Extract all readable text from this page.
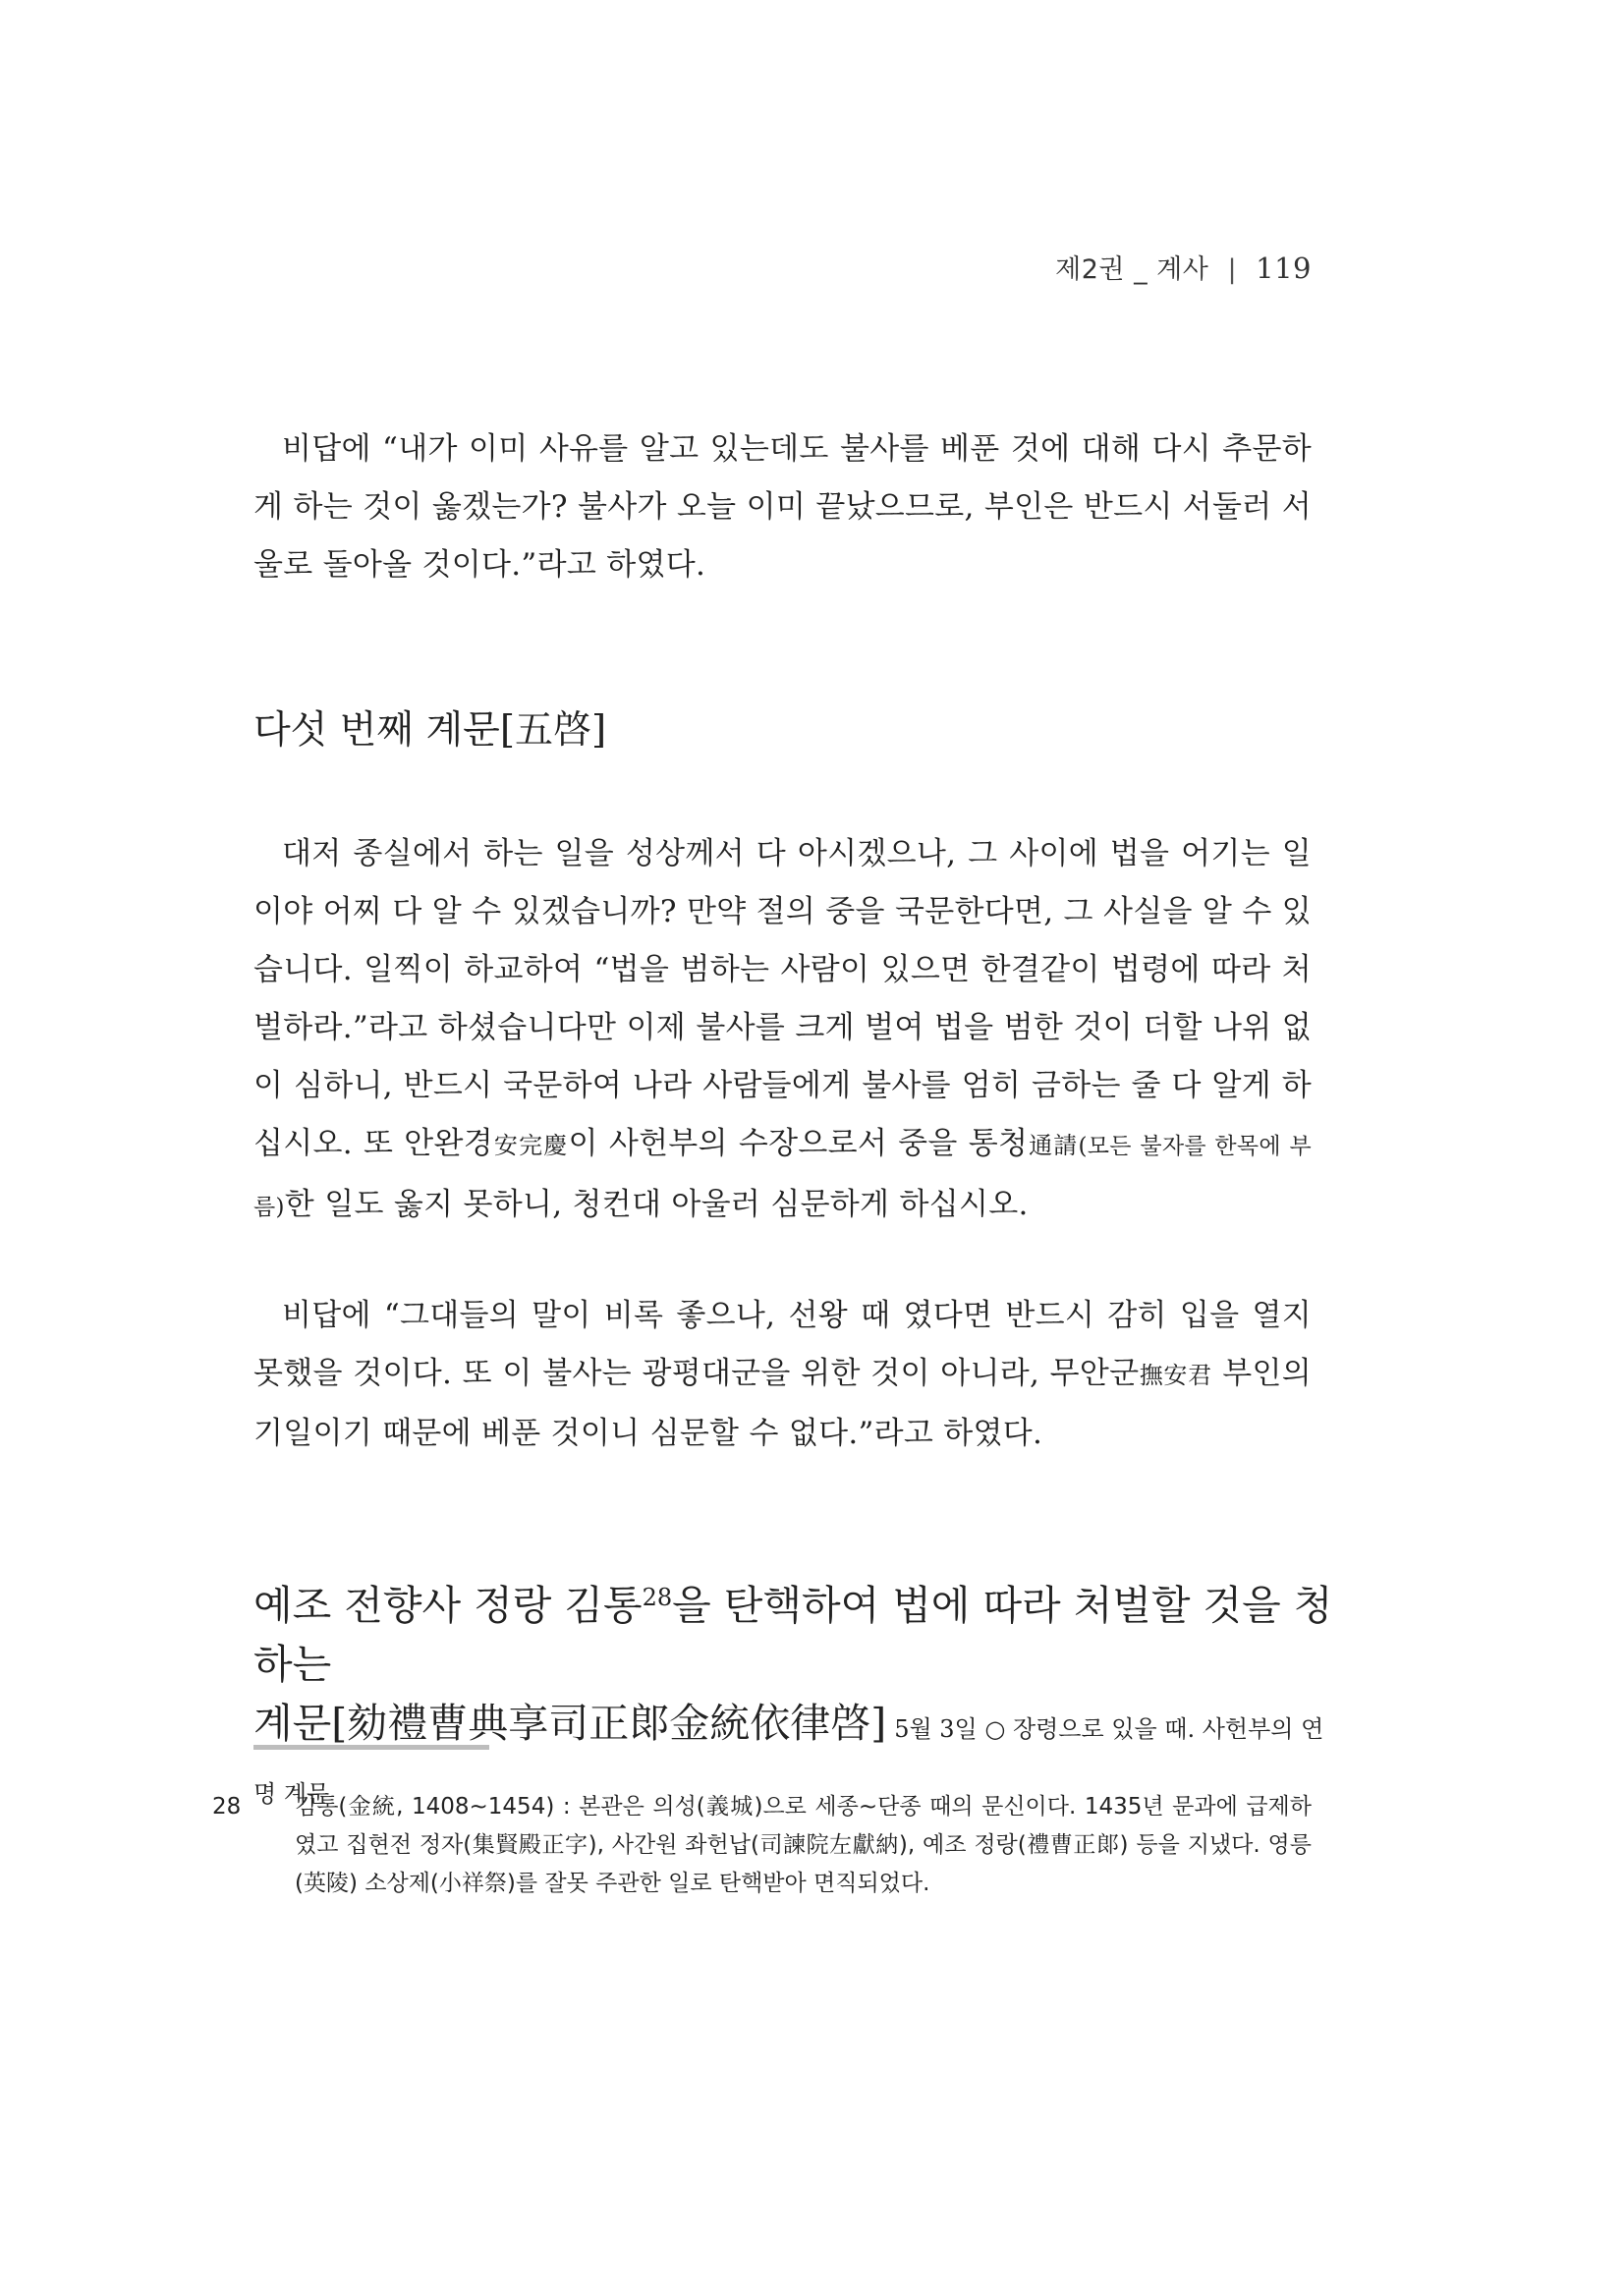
제2권 _ 계사 | 119

비답에 “내가 이미 사유를 알고 있는데도 불사를 베푼 것에 대해 다시 추문하게 하는 것이 옳겠는가? 불사가 오늘 이미 끝났으므로, 부인은 반드시 서둘러 서울로 돌아올 것이다.”라고 하였다.

다섯 번째 계문[五啓]

대저 종실에서 하는 일을 성상께서 다 아시겠으나, 그 사이에 법을 어기는 일이야 어찌 다 알 수 있겠습니까? 만약 절의 중을 국문한다면, 그 사실을 알 수 있습니다. 일찍이 하교하여 “법을 범하는 사람이 있으면 한결같이 법령에 따라 처벌하라.”라고 하셨습니다만 이제 불사를 크게 벌여 법을 범한 것이 더할 나위 없이 심하니, 반드시 국문하여 나라 사람들에게 불사를 엄히 금하는 줄 다 알게 하십시오. 또 안완경安完慶이 사헌부의 수장으로서 중을 통청通請(모든 불자를 한목에 부름)한 일도 옳지 못하니, 청컨대 아울러 심문하게 하십시오.

비답에 “그대들의 말이 비록 좋으나, 선왕 때 였다면 반드시 감히 입을 열지 못했을 것이다. 또 이 불사는 광평대군을 위한 것이 아니라, 무안군撫安君 부인의 기일이기 때문에 베푼 것이니 심문할 수 없다.”라고 하였다.

예조 전향사 정랑 김통$^{28}$을 탄핵하여 법에 따라 처벌할 것을 청하는
계문[劾禮曹典享司正郞金統依律啓] 5월 3일 ○ 장령으로 있을 때. 사헌부의 연명 계문
28 김통(金統, 1408~1454) : 본관은 의성(義城)으로 세종~단종 때의 문신이다. 1435년 문과에 급제하였고 집현전 정자(集賢殿正字), 사간원 좌헌납(司諫院左獻納), 예조 정랑(禮曹正郞) 등을 지냈다. 영릉(英陵) 소상제(小祥祭)를 잘못 주관한 일로 탄핵받아 면직되었다.
